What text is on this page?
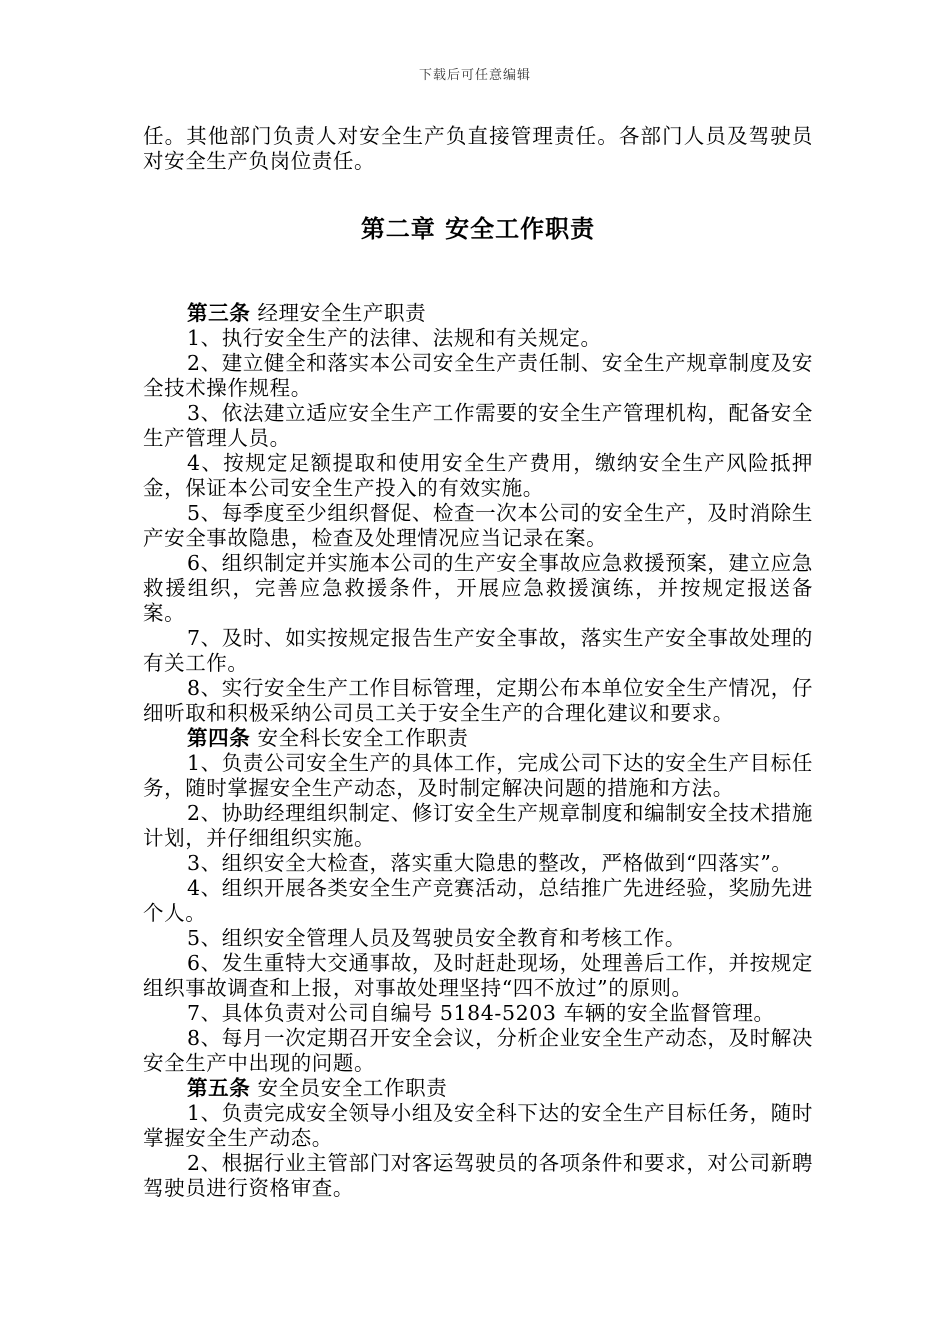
下载后可任意编辑

任。其他部门负责人对安全生产负直接管理责任。各部门人员及驾驶员对安全生产负岗位责任。

第二章 安全工作职责

第三条 经理安全生产职责

1、执行安全生产的法律、法规和有关规定。

2、建立健全和落实本公司安全生产责任制、安全生产规章制度及安全技术操作规程。

3、依法建立适应安全生产工作需要的安全生产管理机构，配备安全生产管理人员。

4、按规定足额提取和使用安全生产费用，缴纳安全生产风险抵押金，保证本公司安全生产投入的有效实施。

5、每季度至少组织督促、检查一次本公司的安全生产，及时消除生产安全事故隐患，检查及处理情况应当记录在案。

6、组织制定并实施本公司的生产安全事故应急救援预案，建立应急救援组织，完善应急救援条件，开展应急救援演练，并按规定报送备案。

7、及时、如实按规定报告生产安全事故，落实生产安全事故处理的有关工作。

8、实行安全生产工作目标管理，定期公布本单位安全生产情况，仔细听取和积极采纳公司员工关于安全生产的合理化建议和要求。

第四条 安全科长安全工作职责

1、负责公司安全生产的具体工作，完成公司下达的安全生产目标任务，随时掌握安全生产动态，及时制定解决问题的措施和方法。

2、协助经理组织制定、修订安全生产规章制度和编制安全技术措施计划，并仔细组织实施。

3、组织安全大检查，落实重大隐患的整改，严格做到“四落实”。

4、组织开展各类安全生产竞赛活动，总结推广先进经验，奖励先进个人。

5、组织安全管理人员及驾驶员安全教育和考核工作。

6、发生重特大交通事故，及时赶赴现场，处理善后工作，并按规定组织事故调查和上报，对事故处理坚持“四不放过”的原则。

7、具体负责对公司自编号 5184-5203 车辆的安全监督管理。

8、每月一次定期召开安全会议，分析企业安全生产动态，及时解决安全生产中出现的问题。

第五条 安全员安全工作职责

1、负责完成安全领导小组及安全科下达的安全生产目标任务，随时掌握安全生产动态。

2、根据行业主管部门对客运驾驶员的各项条件和要求，对公司新聘驾驶员进行资格审查。
